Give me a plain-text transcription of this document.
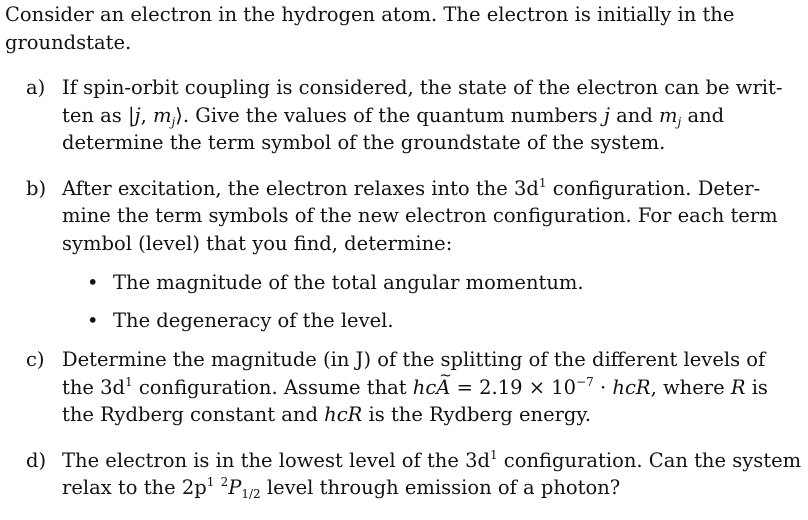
Consider an electron in the hydrogen atom. The electron is initially in the
groundstate.

a) If spin-orbit coupling is considered, the state of the electron can be writ-
ten as |j, $m_j⟩$. Give the values of the quantum numbers j and $m_j$ and
determine the term symbol of the groundstate of the system.
b) After excitation, the electron relaxes into the $3d^1$ configuration. Deter-
mine the term symbols of the new electron configuration. For each term
symbol (level) that you find, determine:
• The magnitude of the total angular momentum.
• The degeneracy of the level.
c) Determine the magnitude (in J) of the splitting of the different levels of
the $3d^1$ configuration. Assume that hc~ $A = 2.19 \times 10^{-7}$ · hcR, where R is
the Rydberg constant and hcR is the Rydberg energy.
d) The electron is in the lowest level of the $3d^1$ configuration. Can the system
relax to the $2p^1$ $^2P_{1/2}$ level through emission of a photon?
